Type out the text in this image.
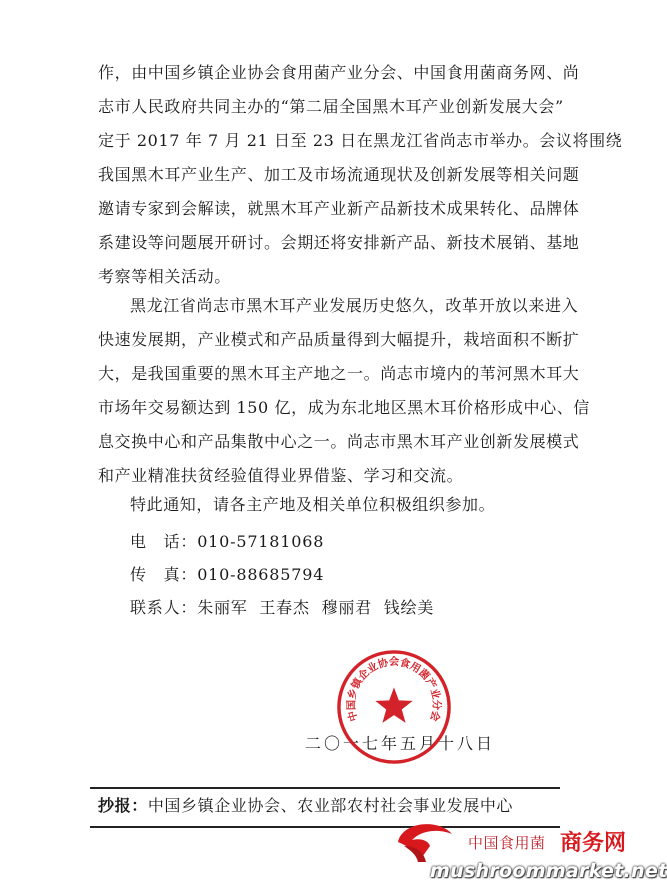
作，由中国乡镇企业协会食用菌产业分会、中国食用菌商务网、尚
志市人民政府共同主办的“第二届全国黑木耳产业创新发展大会”
定于 2017 年 7 月 21 日至 23 日在黑龙江省尚志市举办。会议将围绕
我国黑木耳产业生产、加工及市场流通现状及创新发展等相关问题
邀请专家到会解读，就黑木耳产业新产品新技术成果转化、品牌体
系建设等问题展开研讨。会期还将安排新产品、新技术展销、基地
考察等相关活动。
黑龙江省尚志市黑木耳产业发展历史悠久，改革开放以来进入
快速发展期，产业模式和产品质量得到大幅提升，栽培面积不断扩
大，是我国重要的黑木耳主产地之一。尚志市境内的苇河黑木耳大
市场年交易额达到 150 亿，成为东北地区黑木耳价格形成中心、信
息交换中心和产品集散中心之一。尚志市黑木耳产业创新发展模式
和产业精准扶贫经验值得业界借鉴、学习和交流。
特此通知，请各主产地及相关单位积极组织参加。
电　话：010-57181068
传　真：010-88685794
联系人：朱丽军  王春杰  穆丽君  钱绘美
二〇一七年五月十八日
中国乡镇企业协会食用菌产业分会
抄报：中国乡镇企业协会、农业部农村社会事业发展中心
中国食用菌 商务网
mushroommarket.net
